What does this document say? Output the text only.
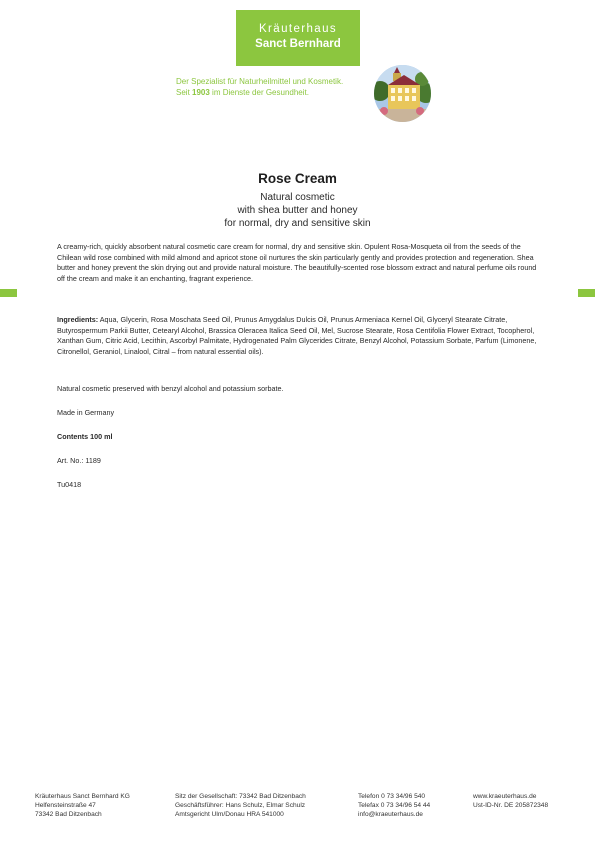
Kräuterhaus
Sanct Bernhard
Der Spezialist für Naturheilmittel und Kosmetik.
Seit 1903 im Dienste der Gesundheit.
Rose Cream
Natural cosmetic
with shea butter and honey
for normal, dry and sensitive skin
A creamy-rich, quickly absorbent natural cosmetic care cream for normal, dry and sensitive skin. Opulent Rosa-Mosqueta oil from the seeds of the Chilean wild rose combined with mild almond and apricot stone oil nurtures the skin particularly gently and provides protection and regeneration. Shea butter and honey prevent the skin drying out and provide natural moisture. The beautifully-scented rose blossom extract and natural perfume oils round off the cream and make it an enchanting, fragrant experience.

Ingredients: Aqua, Glycerin, Rosa Moschata Seed Oil, Prunus Amygdalus Dulcis Oil, Prunus Armeniaca Kernel Oil, Glyceryl Stearate Citrate, Butyrospermum Parkii Butter, Cetearyl Alcohol, Brassica Oleracea Italica Seed Oil, Mel, Sucrose Stearate, Rosa Centifolia Flower Extract, Tocopherol, Xanthan Gum, Citric Acid, Lecithin, Ascorbyl Palmitate, Hydrogenated Palm Glycerides Citrate, Benzyl Alcohol, Potassium Sorbate, Parfum (Limonene, Citronellol, Geraniol, Linalool, Citral – from natural essential oils).

Natural cosmetic preserved with benzyl alcohol and potassium sorbate.
Made in Germany
Contents 100 ml
Art. No.: 1189
Tu0418
Kräuterhaus Sanct Bernhard KG
Helfensteinstraße 47
73342 Bad Ditzenbach
Sitz der Gesellschaft: 73342 Bad Ditzenbach
Geschäftsführer: Hans Schulz, Elmar Schulz
Amtsgericht Ulm/Donau HRA 541000
Telefon 0 73 34/96 540
Telefax 0 73 34/96 54 44
info@kraeuterhaus.de
www.kraeuterhaus.de
Ust-ID-Nr. DE 205872348
